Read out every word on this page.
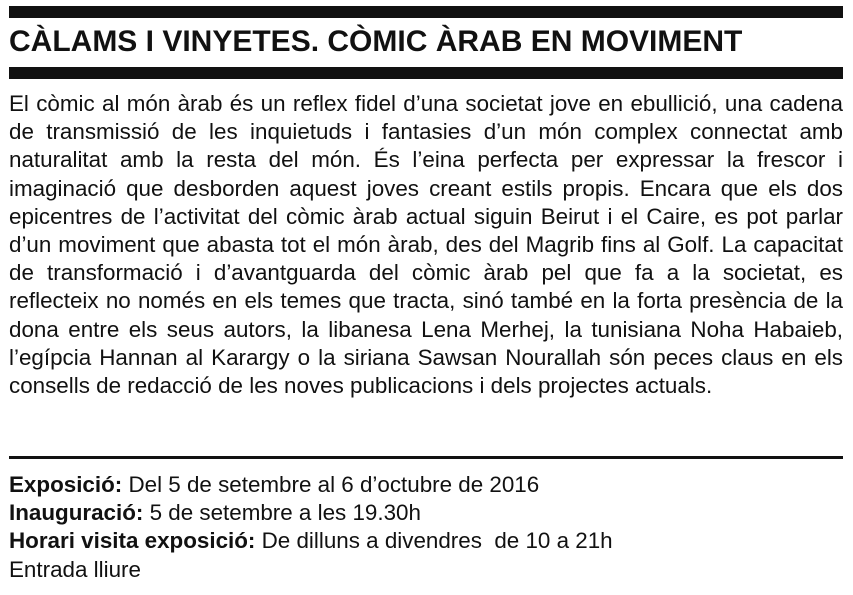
CÀLAMS I VINYETES. CÒMIC ÀRAB EN MOVIMENT
El còmic al món àrab és un reflex fidel d’una societat jove en ebullició, una cadena de transmissió de les inquietuds i fantasies d’un món complex connectat amb naturalitat amb la resta del món. És l’eina perfecta per expressar la frescor i imaginació que desborden aquest joves creant estils propis. Encara que els dos epicentres de l’activitat del còmic àrab actual siguin Beirut i el Caire, es pot parlar d’un moviment que abasta tot el món àrab, des del Magrib fins al Golf. La capacitat de transformació i d’avantguarda del còmic àrab pel que fa a la societat, es reflecteix no només en els temes que tracta, sinó també en la forta presència de la dona entre els seus autors, la libanesa Lena Merhej, la tunisiana Noha Habaieb, l’egípcia Hannan al Karargy o la siriana Sawsan Nourallah són peces claus en els consells de redacció de les noves publicacions i dels projectes actuals.
Exposició: Del 5 de setembre al 6 d’octubre de 2016
Inauguració: 5 de setembre a les 19.30h
Horari visita exposició: De dilluns a divendres  de 10 a 21h
Entrada lliure
